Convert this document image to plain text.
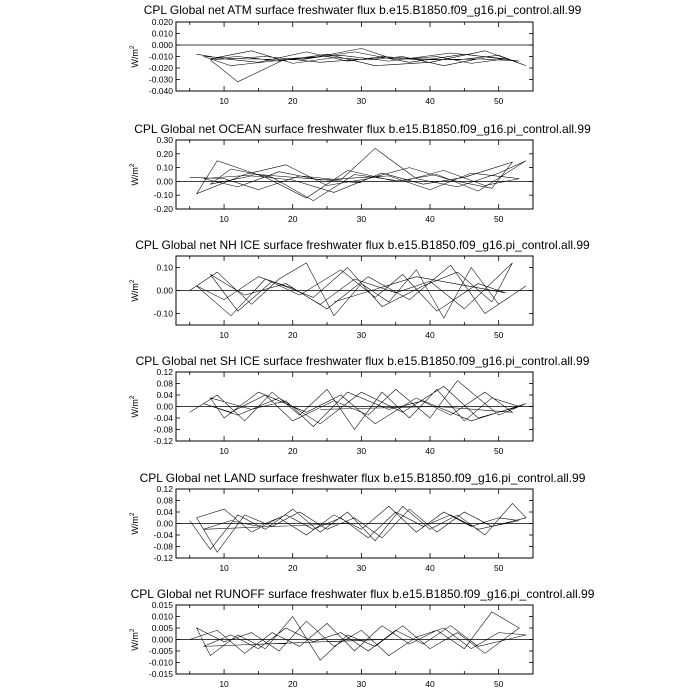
CPL Global net ATM surface freshwater flux b.e15.B1850.f09_g16.pi_control.all.99
-0.040
-0.030
-0.020
-0.010
0.000
0.010
0.020
10	20	30	40	50
$W/m^2$
CPL Global net OCEAN surface freshwater flux b.e15.B1850.f09_g16.pi_control.all.99
-0.20
-0.10
0.00
0.10
0.20
0.30
10	20	30	40	50
$W/m^2$
CPL Global net NH ICE surface freshwater flux b.e15.B1850.f09_g16.pi_control.all.99
-0.10
0.00
0.10
10	20	30	40	50
$W/m^2$
CPL Global net SH ICE surface freshwater flux b.e15.B1850.f09_g16.pi_control.all.99
-0.12
-0.08
-0.04
0.00
0.04
0.08
0.12
10	20	30	40	50
$W/m^2$
CPL Global net LAND surface freshwater flux b.e15.B1850.f09_g16.pi_control.all.99
-0.12
-0.08
-0.04
0.00
0.04
0.08
0.12
10	20	30	40	50
$W/m^2$
CPL Global net RUNOFF surface freshwater flux b.e15.B1850.f09_g16.pi_control.all.99
-0.015
-0.010
-0.005
0.000
0.005
0.010
0.015
10	20	30	40	50
$W/m^2$
